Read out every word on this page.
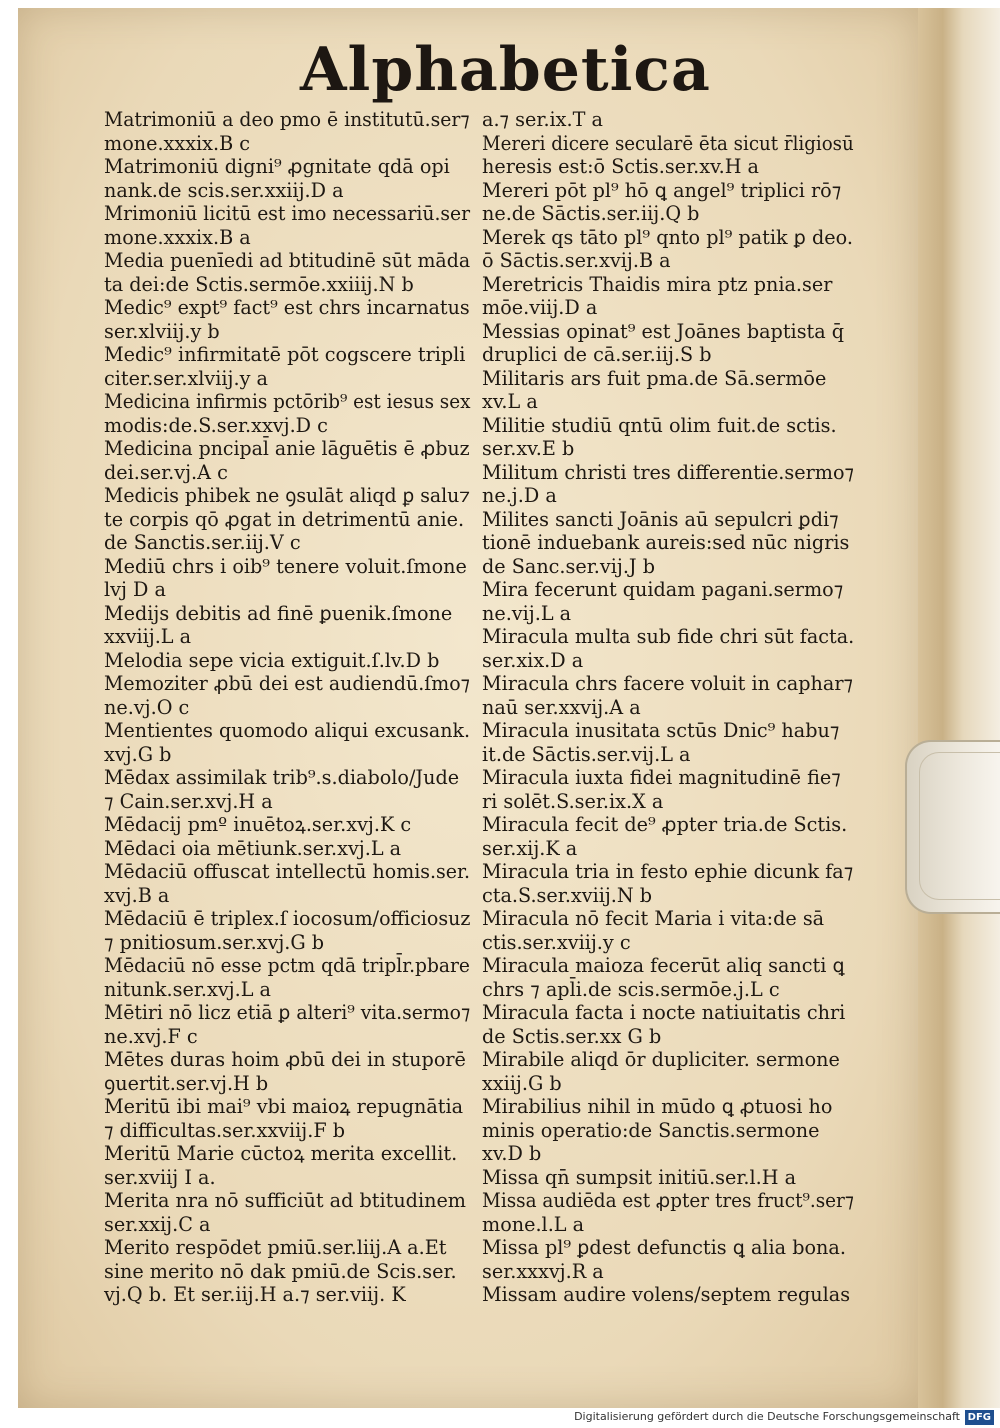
Alphabetica
Matrimoniū a deo pmo ē institutū.ser⁊
mone.xxxix.B c
Matrimoniū digni⁹ ꝓgnitate qdā opi
nank.de scis.ser.xxiij.D a
Mrimoniū licitū est imo necessariū.ser
mone.xxxix.B a
Media puenīedi ad btitudinē sūt māda
ta dei:de Sctis.sermōe.xxiiij.N b
Medic⁹ expt⁹ fact⁹ est chrs incarnatus
ser.xlviij.y b
Medic⁹ infirmitatē pōt cogscere tripli
citer.ser.xlviij.y a
Medicina infirmis pctōrib⁹ est iesus sex
modis:de.S.ser.xxvj.D c
Medicina pncipal̄ anie lāguētis ē ꝓbuz
dei.ser.vj.A c
Medicis phibek ne ꝯsulāt aliqd ꝑ salu⁊
te corpis qō ꝓgat in detrimentū anie.
de Sanctis.ser.iij.V c
Mediū chrs i oib⁹ tenere voluit.ſmone
lvj D a
Medijs debitis ad finē ꝑuenik.ſmone
xxviij.L a
Melodia sepe vicia extiguit.ſ.lv.D b
Memoziter ꝓbū dei est audiendū.ſmo⁊
ne.vj.O c
Mentientes quomodo aliqui excusank.
xvj.G b
Mēdax assimilak trib⁹.s.diabolo/Jude
⁊ Cain.ser.xvj.H a
Mēdacij pmº inuētoꝝ.ser.xvj.K c
Mēdaci oia mētiunk.ser.xvj.L a
Mēdaciū offuscat intellectū homis.ser.
xvj.B a
Mēdaciū ē triplex.ſ iocosum/officiosuz
⁊ pnitiosum.ser.xvj.G b
Mēdaciū nō esse pctm qdā tripl̄r.pbare
nitunk.ser.xvj.L a
Mētiri nō licz etiā ꝑ alteri⁹ vita.sermo⁊
ne.xvj.F c
Mētes duras hoim ꝓbū dei in stuporē
ꝯuertit.ser.vj.H b
Meritū ibi mai⁹ vbi maioꝝ repugnātia
⁊ difficultas.ser.xxviij.F b
Meritū Marie cūctoꝝ merita excellit.
ser.xviij I a.
Merita nra nō sufficiūt ad btitudinem
ser.xxij.C a
Merito respōdet pmiū.ser.liij.A a.Et
sine merito nō dak pmiū.de Scis.ser.
vj.Q b. Et ser.iij.H a.⁊ ser.viij. K
a.⁊ ser.ix.T a
Mereri dicere secularē ēta sicut r̄ligiosū
heresis est:ō Sctis.ser.xv.H a
Mereri pōt pl⁹ hō ꝗ angel⁹ triplici rō⁊
ne.de Sāctis.ser.iij.Q b
Merek qs tāto pl⁹ qnto pl⁹ patik ꝑ deo.
ō Sāctis.ser.xvij.B a
Meretricis Thaidis mira ptz pnia.ser
mōe.viij.D a
Messias opinat⁹ est Joānes baptista q̄
druplici de cā.ser.iij.S b
Militaris ars fuit pma.de Sā.sermōe
xv.L a
Militie studiū qntū olim fuit.de sctis.
ser.xv.E b
Militum christi tres differentie.sermo⁊
ne.j.D a
Milites sancti Joānis aū sepulcri ꝑdi⁊
tionē induebank aureis:sed nūc nigris
de Sanc.ser.vij.J b
Mira fecerunt quidam pagani.sermo⁊
ne.vij.L a
Miracula multa sub fide chri sūt facta.
ser.xix.D a
Miracula chrs facere voluit in caphar⁊
naū ser.xxvij.A a
Miracula inusitata sctūs Dnic⁹ habu⁊
it.de Sāctis.ser.vij.L a
Miracula iuxta fidei magnitudinē fie⁊
ri solēt.S.ser.ix.X a
Miracula fecit de⁹ ꝓpter tria.de Sctis.
ser.xij.K a
Miracula tria in festo ephie dicunk fa⁊
cta.S.ser.xviij.N b
Miracula nō fecit Maria i vita:de sā
ctis.ser.xviij.y c
Miracula maioza fecerūt aliq sancti ꝗ
chrs ⁊ apl̄i.de scis.sermōe.j.L c
Miracula facta i nocte natiuitatis chri
de Sctis.ser.xx G b
Mirabile aliqd ōr dupliciter. sermone
xxiij.G b
Mirabilius nihil in mūdo ꝗ ꝓtuosi ho
minis operatio:de Sanctis.sermone
xv.D b
Missa qn̄ sumpsit initiū.ser.l.H a
Missa audiēda est ꝓpter tres fruct⁹.ser⁊
mone.l.L a
Missa pl⁹ ꝑdest defunctis ꝗ alia bona.
ser.xxxvj.R a
Missam audire volens/septem regulas
Digitalisierung gefördert durch die Deutsche Forschungsgemeinschaft DFG
